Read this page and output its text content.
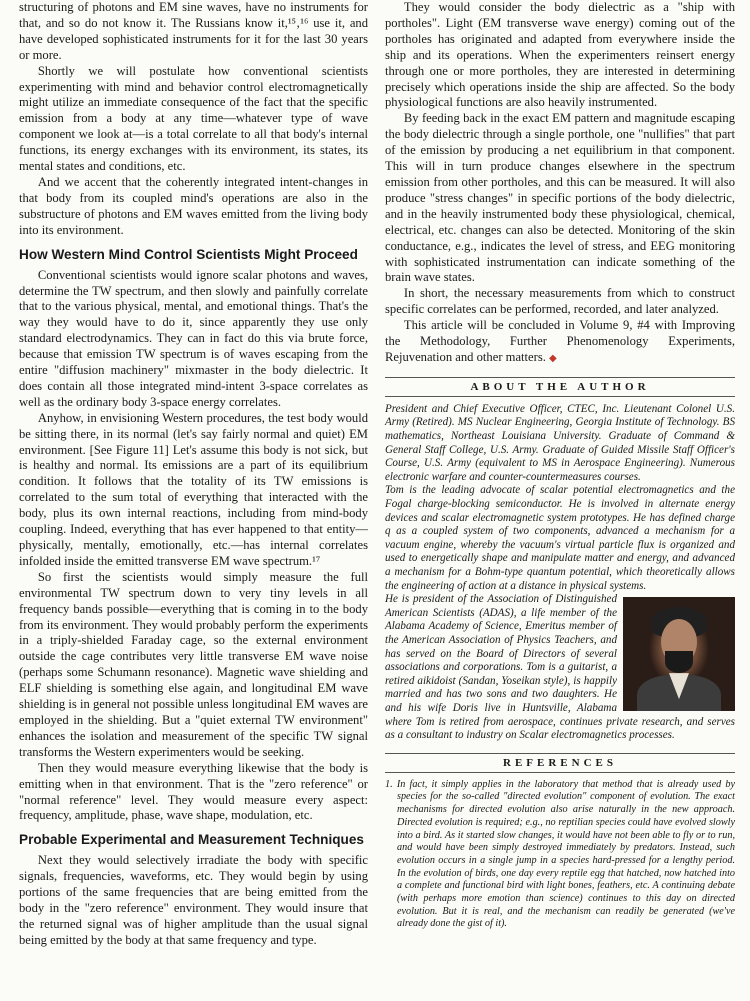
structuring of photons and EM sine waves, have no instruments for that, and so do not know it. The Russians know it,¹⁵‚¹⁶ use it, and have developed sophisticated instruments for it for the last 30 years or more.

Shortly we will postulate how conventional scientists experimenting with mind and behavior control electromagnetically might utilize an immediate consequence of the fact that the specific emission from a body at any time—whatever type of wave component we look at—is a total correlate to all that body's internal functions, its energy exchanges with its environment, its states, its mental states and conditions, etc.

And we accent that the coherently integrated intent-changes in that body from its coupled mind's operations are also in the substructure of photons and EM waves emitted from the living body into its environment.

How Western Mind Control Scientists Might Proceed

Conventional scientists would ignore scalar photons and waves, determine the TW spectrum, and then slowly and painfully correlate that to the various physical, mental, and emotional things. That's the way they would have to do it, since apparently they use only standard electrodynamics. They can in fact do this via brute force, because that emission TW spectrum is of waves escaping from the entire "diffusion machinery" mixmaster in the body dielectric. It does contain all those integrated mind-intent 3-space correlates as well as the ordinary body 3-space energy correlates.

Anyhow, in envisioning Western procedures, the test body would be sitting there, in its normal (let's say fairly normal and quiet) EM environment. [See Figure 11] Let's assume this body is not sick, but is healthy and normal. Its emissions are a part of its equilibrium condition. It follows that the totality of its TW emissions is correlated to the sum total of everything that interacted with the body, plus its own internal reactions, including from mind-body coupling. Indeed, everything that has ever happened to that entity—physically, mentally, emotionally, etc.—has internal correlates infolded inside the emitted transverse EM wave spectrum.¹⁷

So first the scientists would simply measure the full environmental TW spectrum down to very tiny levels in all frequency bands possible—everything that is coming in to the body from its environment. They would probably perform the experiments in a triply-shielded Faraday cage, so the external environment outside the cage contributes very little transverse EM wave noise (perhaps some Schumann resonance). Magnetic wave shielding and ELF shielding is something else again, and longitudinal EM wave shielding is in general not possible unless longitudinal EM waves are employed in the shielding. But a "quiet external TW environment" enhances the isolation and measurement of the specific TW signal transforms the Western experimenters would be seeking.

Then they would measure everything likewise that the body is emitting when in that environment. That is the "zero reference" or "normal reference" level. They would measure every aspect: frequency, amplitude, phase, wave shape, modulation, etc.

Probable Experimental and Measurement Techniques

Next they would selectively irradiate the body with specific signals, frequencies, waveforms, etc. They would begin by using portions of the same frequencies that are being emitted from the body in the "zero reference" environment. They would insure that the returned signal was of higher amplitude than the usual signal being emitted by the body at that same frequency and type.

They would consider the body dielectric as a "ship with portholes". Light (EM transverse wave energy) coming out of the portholes has originated and adapted from everywhere inside the ship and its operations. When the experimenters reinsert energy through one or more portholes, they are interested in determining precisely which operations inside the ship are affected. So the body physiological functions are also heavily instrumented.

By feeding back in the exact EM pattern and magnitude escaping the body dielectric through a single porthole, one "nullifies" that part of the emission by producing a net equilibrium in that component. This will in turn produce changes elsewhere in the spectrum emission from other portholes, and this can be measured. It will also produce "stress changes" in specific portions of the body dielectric, and in the heavily instrumented body these physiological, chemical, electrical, etc. changes can also be detected. Monitoring of the skin conductance, e.g., indicates the level of stress, and EEG monitoring with sophisticated instrumentation can indicate something of the brain wave states.

In short, the necessary measurements from which to construct specific correlates can be performed, recorded, and later analyzed.

This article will be concluded in Volume 9, #4 with Improving the Methodology, Further Phenomenology Experiments, Rejuvenation and other matters. ◆

ABOUT THE AUTHOR

President and Chief Executive Officer, CTEC, Inc. Lieutenant Colonel U.S. Army (Retired). MS Nuclear Engineering, Georgia Institute of Technology. BS mathematics, Northeast Louisiana University. Graduate of Command & General Staff College, U.S. Army. Graduate of Guided Missile Staff Officer's Course, U.S. Army (equivalent to MS in Aerospace Engineering). Numerous electronic warfare and counter-countermeasures courses.

Tom is the leading advocate of scalar potential electromagnetics and the Fogal charge-blocking semiconductor. He is involved in alternate energy devices and scalar electromagnetic system prototypes. He has defined charge q as a coupled system of two components, advanced a mechanism for a vacuum engine, whereby the vacuum's virtual particle flux is organized and used to energetically shape and manipulate matter and energy, and advanced a mechanism for a Bohm-type quantum potential, which theoretically allows the engineering of action at a distance in physical systems.

He is president of the Association of Distinguished American Scientists (ADAS), a life member of the Alabama Academy of Science, Emeritus member of the American Association of Physics Teachers, and has served on the Board of Directors of several associations and corporations. Tom is a guitarist, a retired aikidoist (Sandan, Yoseikan style), is happily married and has two sons and two daughters. He and his wife Doris live in Huntsville, Alabama where Tom is retired from aerospace, continues private research, and serves as a consultant to industry on Scalar electromagnetics processes.

REFERENCES

1. In fact, it simply applies in the laboratory that method that is already used by species for the so-called "directed evolution" component of evolution. The exact mechanisms for directed evolution also arise naturally in the new approach. Directed evolution is required; e.g., no reptilian species could have evolved slowly into a bird. As it started slow changes, it would have not been able to fly or to run, and would have been simply destroyed immediately by predators. Instead, such evolution occurs in a single jump in a species hard-pressed for a lengthy period. In the evolution of birds, one day every reptile egg that hatched, now hatched into a complete and functional bird with light bones, feathers, etc. A continuing debate (with perhaps more emotion than science) continues to this day on directed evolution. But it is real, and the mechanism can readily be generated (we've already done the gist of it).
